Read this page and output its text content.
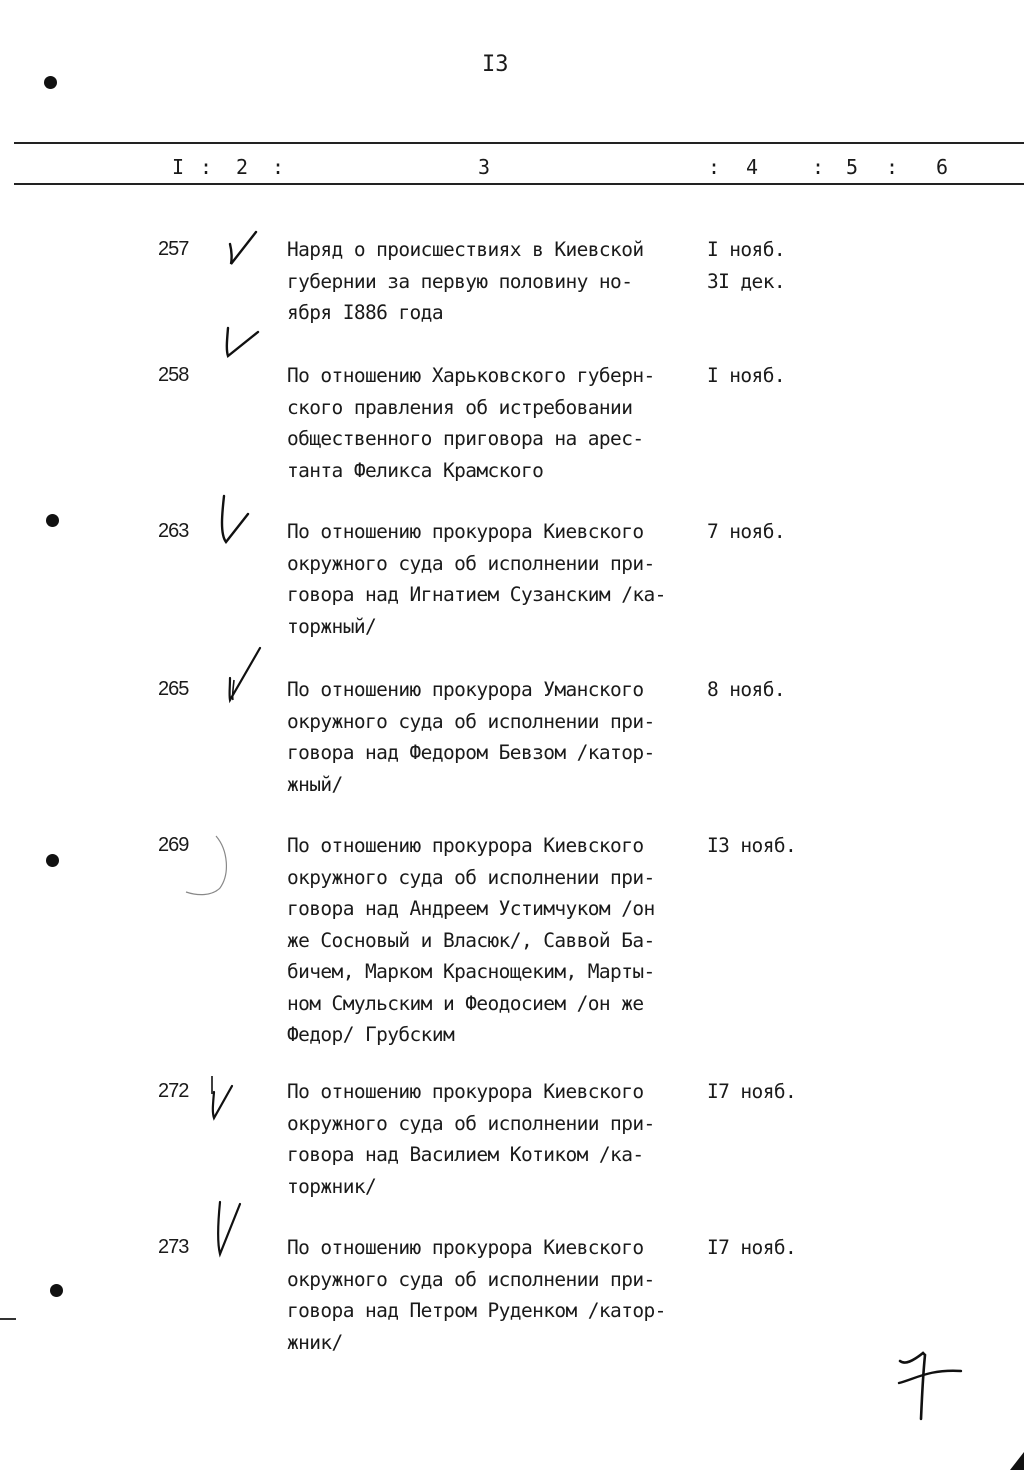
I3
I : 2 :	3	: 4	: 5 : 6
257	Наряд о происшествиях в Киевской
губернии за первую половину но-
ября I886 года
I нояб.
3I дек.
258	По отношению Харьковского губерн-
ского правления об истребовании
общественного приговора на арес-
танта Феликса Крамского
I нояб.
263	По отношению прокурора Киевского
окружного суда об исполнении при-
говора над Игнатием Сузанским /ка-
торжный/
7 нояб.
265	По отношению прокурора Уманского
окружного суда об исполнении при-
говора над Федором Бевзом /катор-
жный/
8 нояб.
269	По отношению прокурора Киевского
окружного суда об исполнении при-
говора над Андреем Устимчуком /он
же Сосновый и Власюк/, Саввой Ба-
бичем, Марком Краснощеким, Марты-
ном Смульским и Феодосием /он же
Федор/ Грубским
I3 нояб.
272	По отношению прокурора Киевского
окружного суда об исполнении при-
говора над Василием Котиком /ка-
торжник/
I7 нояб.
273	По отношению прокурора Киевского
окружного суда об исполнении при-
говора над Петром Руденком /катор-
жник/
I7 нояб.
